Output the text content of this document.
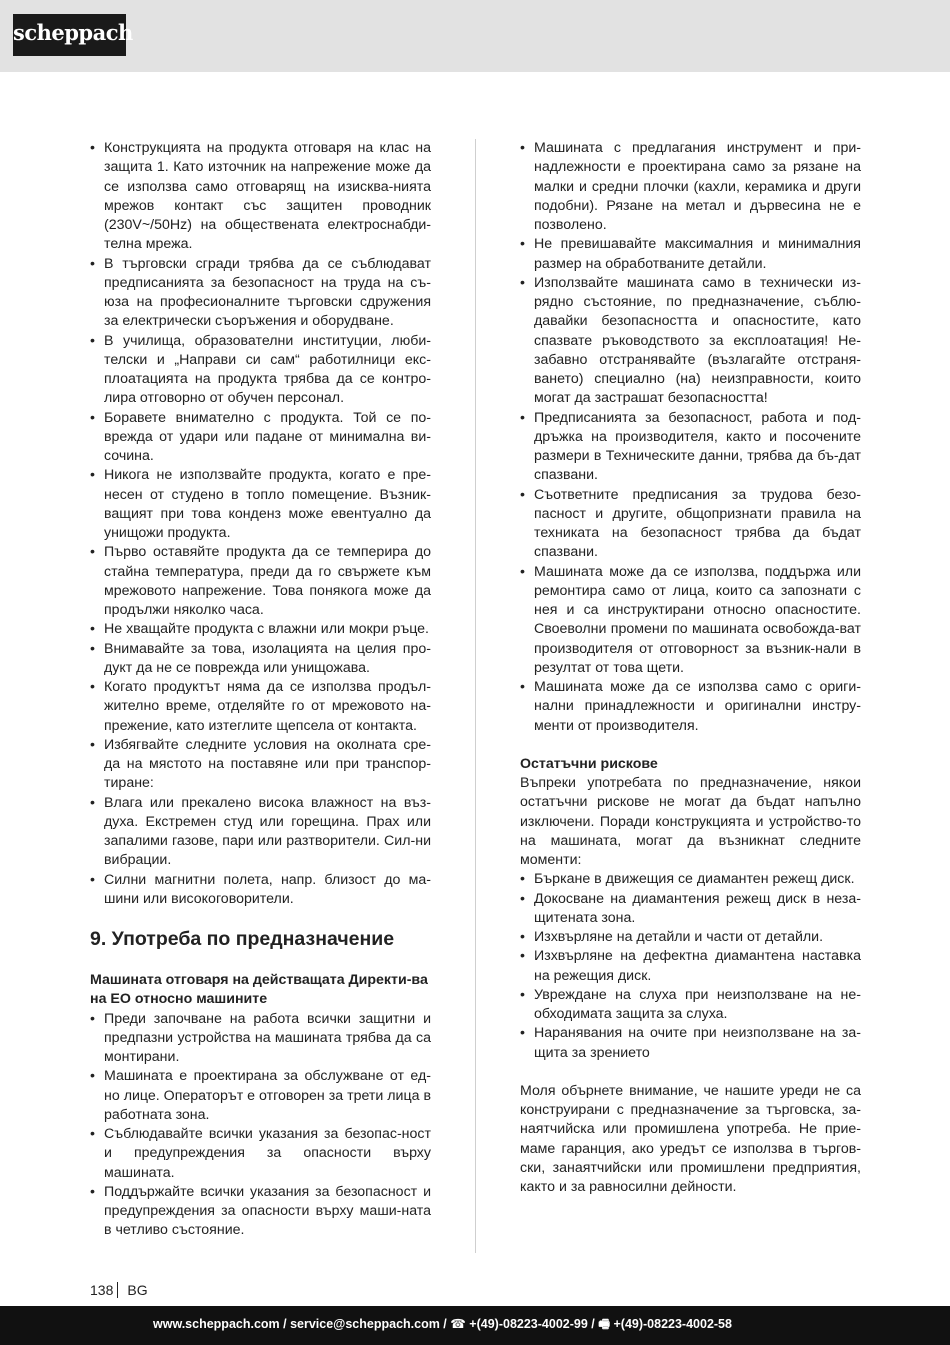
scheppach
• Конструкцията на продукта отговаря на клас на защита 1. Като източник на напрежение може да се използва само отговарящ на изисква-нията мрежов контакт със защитен проводник (230V~/50Hz) на обществената електроснабди-телна мрежа.
• В търговски сгради трябва да се съблюдават предписанията за безопасност на труда на съ-юза на професионалните търговски сдружения за електрически съоръжения и оборудване.
• В училища, образователни институции, люби-телски и „Направи си сам“ работилници екс-плоатацията на продукта трябва да се контро-лира отговорно от обучен персонал.
• Боравете внимателно с продукта. Той се по-врежда от удари или падане от минимална ви-сочина.
• Никога не използвайте продукта, когато е пре-несен от студено в топло помещение. Възник-ващият при това конденз може евентуално да унищожи продукта.
• Първо оставяйте продукта да се темперира до стайна температура, преди да го свържете към мрежовото напрежение. Това понякога може да продължи няколко часа.
• Не хващайте продукта с влажни или мокри ръце.
• Внимавайте за това, изолацията на целия про-дукт да не се поврежда или унищожава.
• Когато продуктът няма да се използва продъл-жително време, отделяйте го от мрежовото на-прежение, като изтеглите щепсела от контакта.
• Избягвайте следните условия на околната сре-да на мястото на поставяне или при транспор-тиране:
• Влага или прекалено висока влажност на въз-духа. Екстремен студ или горещина. Прах или запалими газове, пари или разтворители. Сил-ни вибрации.
• Силни магнитни полета, напр. близост до ма-шини или високоговорители.
9. Употреба по предназначение
Машината отговаря на действащата Директи-ва на ЕО относно машините
• Преди започване на работа всички защитни и предпазни устройства на машината трябва да са монтирани.
• Машината е проектирана за обслужване от ед-но лице. Операторът е отговорен за трети лица в работната зона.
• Съблюдавайте всички указания за безопас-ност и предупреждения за опасности върху машината.
• Поддържайте всички указания за безопасност и предупреждения за опасности върху маши-ната в четливо състояние.
• Машината с предлагания инструмент и при-надлежности е проектирана само за рязане на малки и средни плочки (кахли, керамика и други подобни). Рязане на метал и дървесина не е позволено.
• Не превишавайте максималния и минималния размер на обработваните детайли.
• Използвайте машината само в технически из-рядно състояние, по предназначение, съблю-давайки безопасността и опасностите, като спазвате ръководството за експлоатация! Не-забавно отстранявайте (възлагайте отстраня-ването) специално (на) неизправности, които могат да застрашат безопасността!
• Предписанията за безопасност, работа и под-дръжка на производителя, както и посочените размери в Техническите данни, трябва да бъ-дат спазвани.
• Съответните предписания за трудова безо-пасност и другите, общопризнати правила на техниката на безопасност трябва да бъдат спазвани.
• Машината може да се използва, поддържа или ремонтира само от лица, които са запознати с нея и са инструктирани относно опасностите. Своеволни промени по машината освобожда-ват производителя от отговорност за възник-нали в резултат от това щети.
• Машината може да се използва само с ориги-нални принадлежности и оригинални инстру-менти от производителя.
Остатъчни рискове

Въпреки употребата по предназначение, някои остатъчни рискове не могат да бъдат напълно изключени. Поради конструкцията и устройство-то на машината, могат да възникнат следните моменти:

• Бъркане в движещия се диамантен режещ диск.
• Докосване на диамантения режещ диск в неза-щитената зона.
• Изхвърляне на детайли и части от детайли.
• Изхвърляне на дефектна диамантена наставка на режещия диск.
• Увреждане на слуха при неизползване на не-обходимата защита за слуха.
• Наранявания на очите при неизползване на за-щита за зрението

Моля обърнете внимание, че нашите уреди не са конструирани с предназначение за търговска, за-наятчийска или промишлена употреба. Не прие-маме гаранция, ако уредът се използва в търгов-ски, занаятчийски или промишлени предприятия, както и за равносилни дейности.

138 BG
www.scheppach.com / service@scheppach.com / ☎ +(49)-08223-4002-99 / 🖷 +(49)-08223-4002-58
